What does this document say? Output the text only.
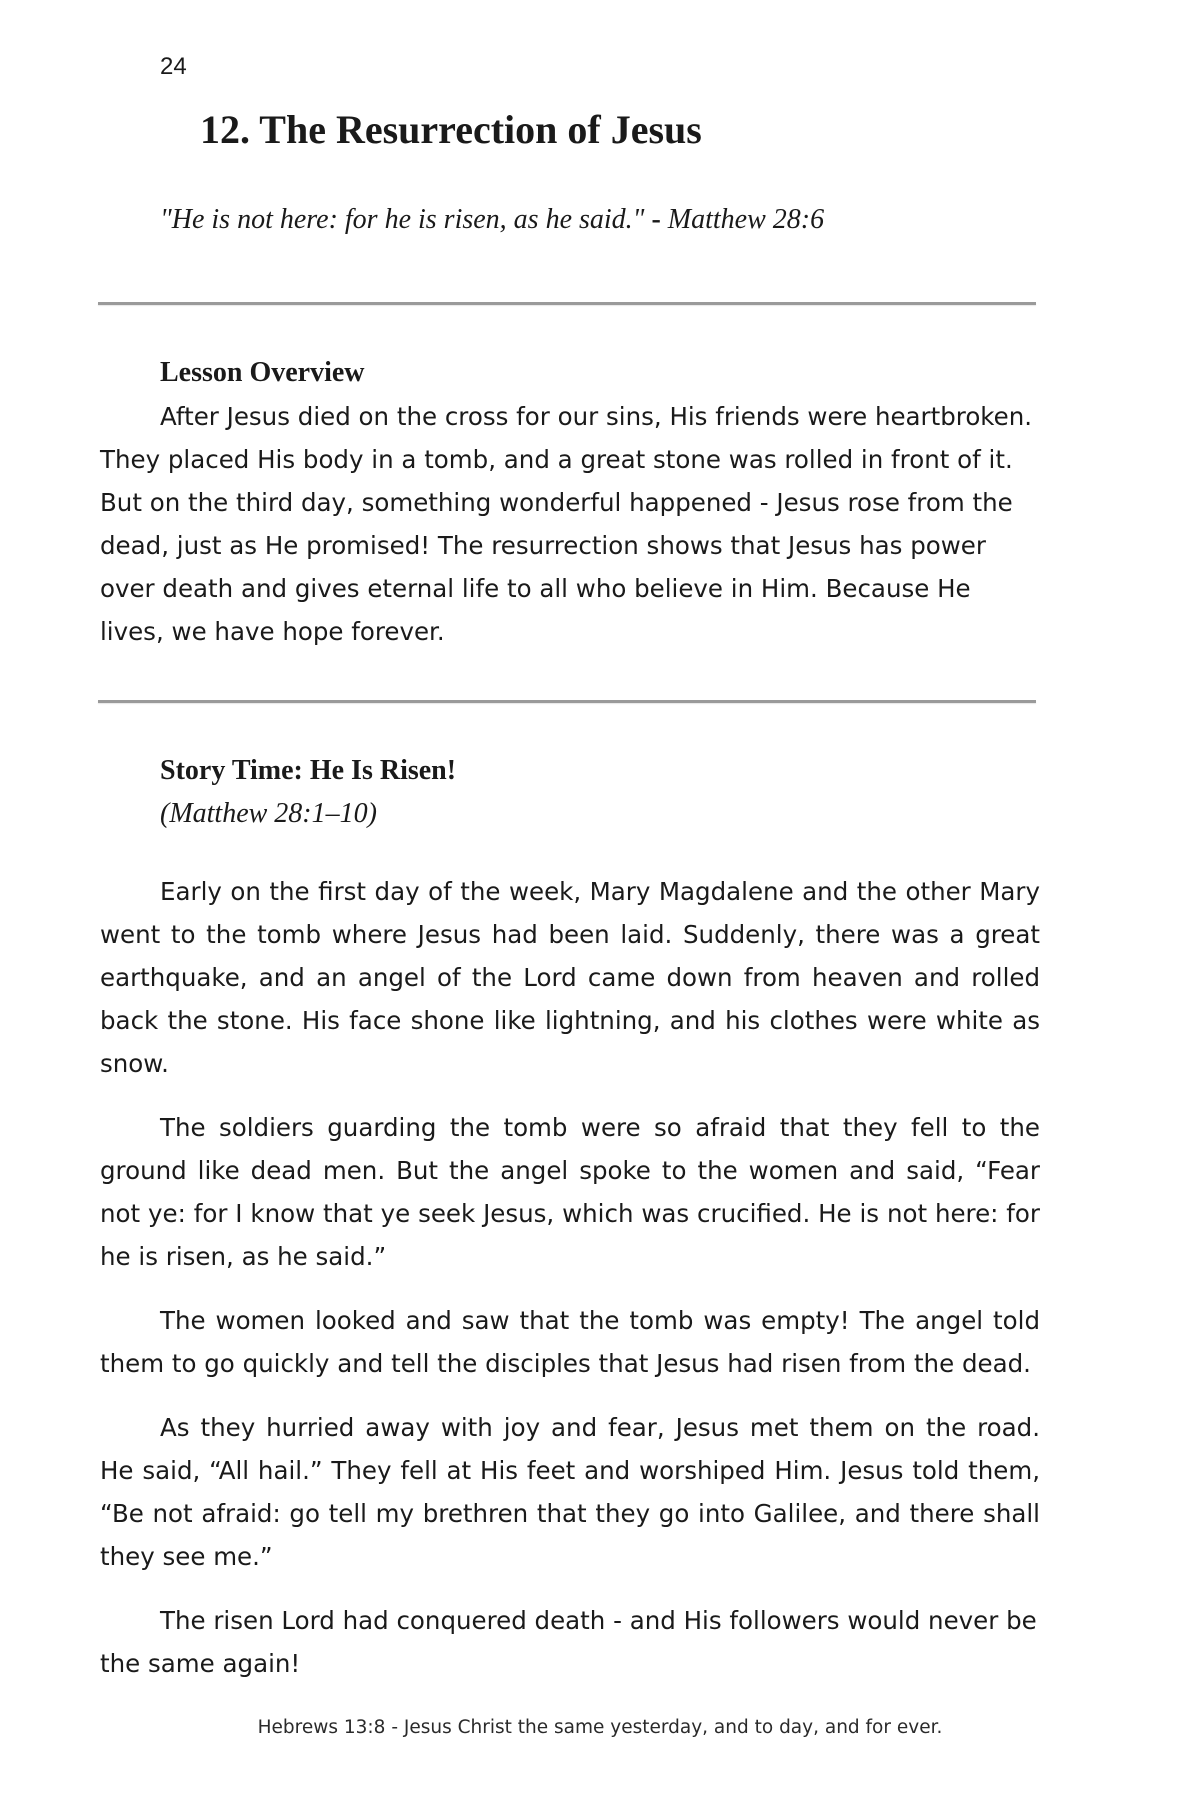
24
12. The Resurrection of Jesus
"He is not here: for he is risen, as he said." - Matthew 28:6
Lesson Overview

After Jesus died on the cross for our sins, His friends were heartbroken. They placed His body in a tomb, and a great stone was rolled in front of it. But on the third day, something wonderful happened - Jesus rose from the dead, just as He promised! The resurrection shows that Jesus has power over death and gives eternal life to all who believe in Him. Because He lives, we have hope forever.

Story Time: He Is Risen!
(Matthew 28:1–10)

Early on the first day of the week, Mary Magdalene and the other Mary went to the tomb where Jesus had been laid. Suddenly, there was a great earthquake, and an angel of the Lord came down from heaven and rolled back the stone. His face shone like lightning, and his clothes were white as snow.

The soldiers guarding the tomb were so afraid that they fell to the ground like dead men. But the angel spoke to the women and said, “Fear not ye: for I know that ye seek Jesus, which was crucified. He is not here: for he is risen, as he said.”

The women looked and saw that the tomb was empty! The angel told them to go quickly and tell the disciples that Jesus had risen from the dead.

As they hurried away with joy and fear, Jesus met them on the road. He said, “All hail.” They fell at His feet and worshiped Him. Jesus told them, “Be not afraid: go tell my brethren that they go into Galilee, and there shall they see me.”

The risen Lord had conquered death - and His followers would never be the same again!

Hebrews 13:8 - Jesus Christ the same yesterday, and to day, and for ever.
